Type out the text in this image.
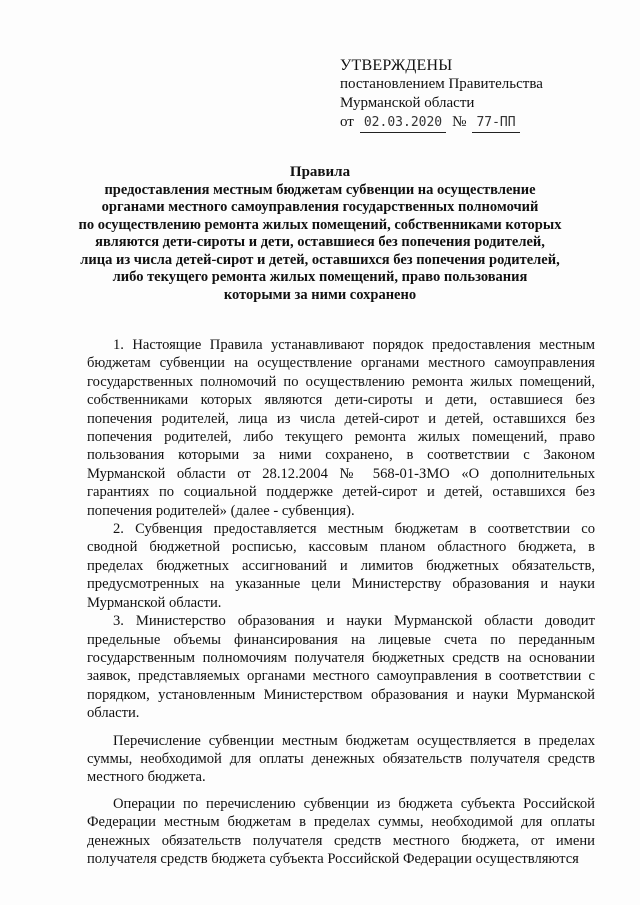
УТВЕРЖДЕНЫ
постановлением Правительства
Мурманской области
от 02.03.2020 № 77-ПП
Правила
предоставления местным бюджетам субвенции на осуществление
органами местного самоуправления государственных полномочий
по осуществлению ремонта жилых помещений, собственниками которых
являются дети-сироты и дети, оставшиеся без попечения родителей,
лица из числа детей-сирот и детей, оставшихся без попечения родителей,
либо текущего ремонта жилых помещений, право пользования
которыми за ними сохранено

1. Настоящие Правила устанавливают порядок предоставления местным бюджетам субвенции на осуществление органами местного самоуправления государственных полномочий по осуществлению ремонта жилых помещений, собственниками которых являются дети-сироты и дети, оставшиеся без попечения родителей, лица из числа детей-сирот и детей, оставшихся без попечения родителей, либо текущего ремонта жилых помещений, право пользования которыми за ними сохранено, в соответствии с Законом Мурманской области от 28.12.2004 № 568-01-ЗМО «О дополнительных гарантиях по социальной поддержке детей-сирот и детей, оставшихся без попечения родителей» (далее - субвенция).

2. Субвенция предоставляется местным бюджетам в соответствии со сводной бюджетной росписью, кассовым планом областного бюджета, в пределах бюджетных ассигнований и лимитов бюджетных обязательств, предусмотренных на указанные цели Министерству образования и науки Мурманской области.

3. Министерство образования и науки Мурманской области доводит предельные объемы финансирования на лицевые счета по переданным государственным полномочиям получателя бюджетных средств на основании заявок, представляемых органами местного самоуправления в соответствии с порядком, установленным Министерством образования и науки Мурманской области.

Перечисление субвенции местным бюджетам осуществляется в пределах суммы, необходимой для оплаты денежных обязательств получателя средств местного бюджета.

Операции по перечислению субвенции из бюджета субъекта Российской Федерации местным бюджетам в пределах суммы, необходимой для оплаты денежных обязательств получателя средств местного бюджета, от имени получателя средств бюджета субъекта Российской Федерации осуществляются
